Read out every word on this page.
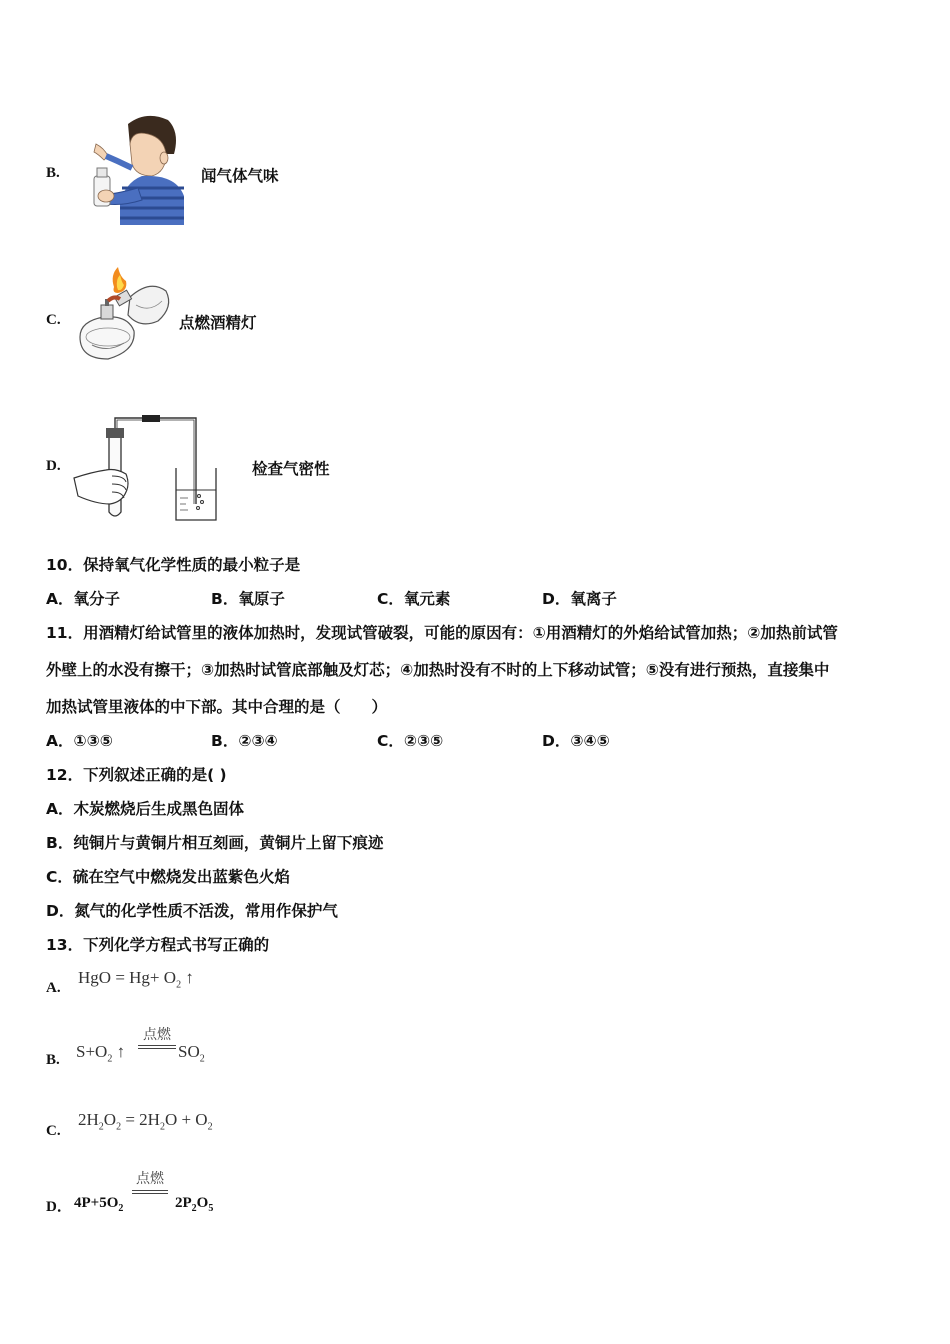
B.	闻气体气味
C.	点燃酒精灯
D.	检查气密性
10．保持氧气化学性质的最小粒子是
A．氧分子	B．氧原子	C．氧元素	D．氧离子
11．用酒精灯给试管里的液体加热时，发现试管破裂，可能的原因有：①用酒精灯的外焰给试管加热；②加热前试管
外壁上的水没有擦干；③加热时试管底部触及灯芯；④加热时没有不时的上下移动试管；⑤没有进行预热，直接集中
加热试管里液体的中下部。其中合理的是（　　）
A．①③⑤	B．②③④	C．②③⑤	D．③④⑤
12．下列叙述正确的是( )
A．木炭燃烧后生成黑色固体
B．纯铜片与黄铜片相互刻画，黄铜片上留下痕迹
C．硫在空气中燃烧发出蓝紫色火焰
D．氮气的化学性质不活泼，常用作保护气
13．下列化学方程式书写正确的
A.
HgO = $Hg+ O_2$ ↑
B. $S+O_2$ ↑
点燃
$SO_2$
C.
$2H_2O_2 = 2H_2O + O_2$
D． $4P+5O_2$
点燃
$2P_2O_5$
